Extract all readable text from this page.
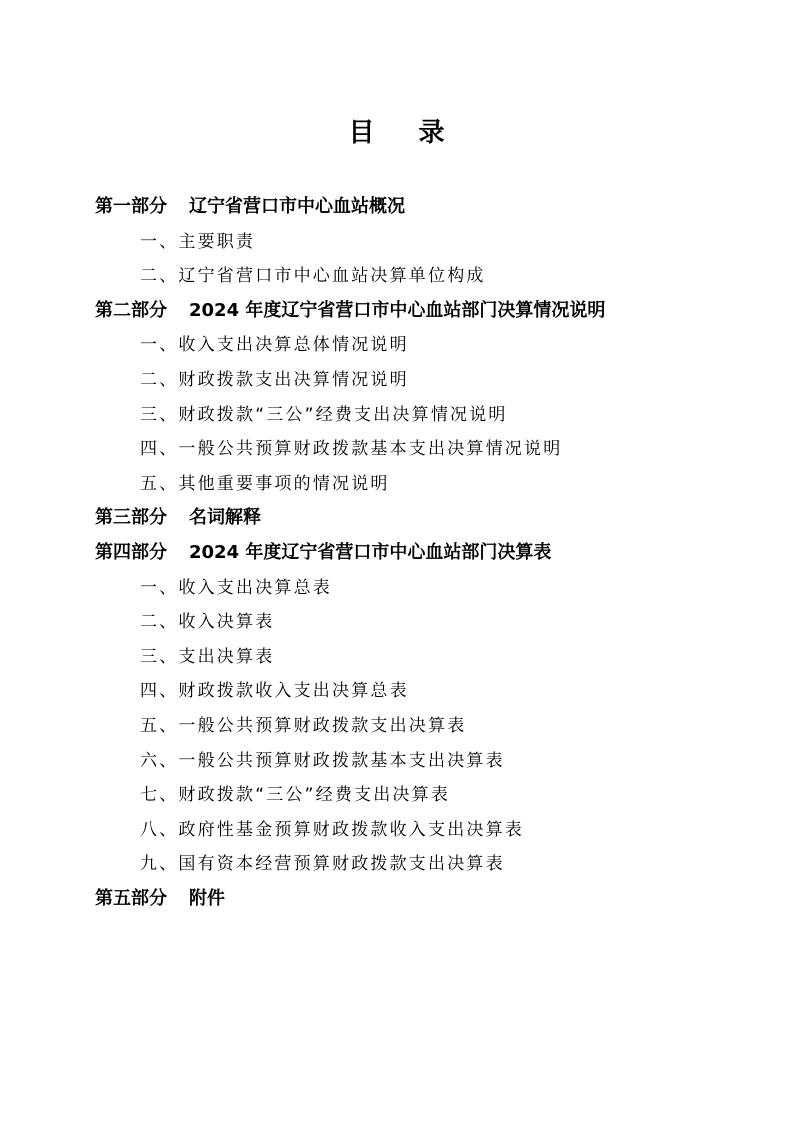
目录
第一部分 辽宁省营口市中心血站概况
一、主要职责
二、辽宁省营口市中心血站决算单位构成
第二部分 2024 年度辽宁省营口市中心血站部门决算情况说明
一、收入支出决算总体情况说明
二、财政拨款支出决算情况说明
三、财政拨款“三公”经费支出决算情况说明
四、一般公共预算财政拨款基本支出决算情况说明
五、其他重要事项的情况说明
第三部分 名词解释
第四部分 2024 年度辽宁省营口市中心血站部门决算表
一、收入支出决算总表
二、收入决算表
三、支出决算表
四、财政拨款收入支出决算总表
五、一般公共预算财政拨款支出决算表
六、一般公共预算财政拨款基本支出决算表
七、财政拨款“三公”经费支出决算表
八、政府性基金预算财政拨款收入支出决算表
九、国有资本经营预算财政拨款支出决算表
第五部分 附件
